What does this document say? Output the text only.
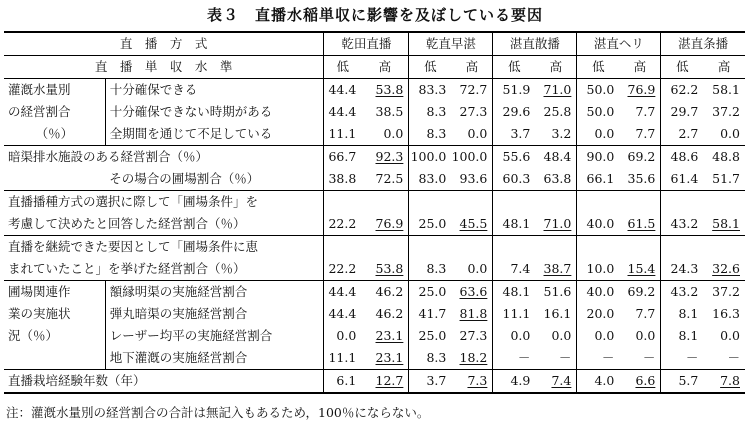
表３　直播水稲単収に影響を及ぼしている要因
直　播　方　式		乾田直播		乾直早湛		湛直散播		湛直ヘリ		湛直条播	
直　播　単　収　水　準		低	高	低	高	低	高	低	高	低	高
灌漑水量別	十分確保できる	44.4	53.8	83.3	72.7	51.9	71.0	50.0	76.9	62.2	58.1
の経営割合	十分確保できない時期がある	44.4	38.5	8.3	27.3	29.6	25.8	50.0	7.7	29.7	37.2
（％）	全期間を通じて不足している	11.1	0.0	8.3	0.0	3.7	3.2	0.0	7.7	2.7	0.0
暗渠排水施設のある経営割合（％）		66.7	92.3	100.0	100.0	55.6	48.4	90.0	69.2	48.6	48.8
	その場合の圃場割合（％）	38.8	72.5	83.0	93.6	60.3	63.8	66.1	35.6	61.4	51.7
直播播種方式の選択に際して「圃場条件」を											
考慮して決めたと回答した経営割合（％）		22.2	76.9	25.0	45.5	48.1	71.0	40.0	61.5	43.2	58.1
直播を継続できた要因として「圃場条件に恵											
まれていたこと」を挙げた経営割合（％）		22.2	53.8	8.3	0.0	7.4	38.7	10.0	15.4	24.3	32.6
圃場関連作	額縁明渠の実施経営割合	44.4	46.2	25.0	63.6	48.1	51.6	40.0	69.2	43.2	37.2
業の実施状	弾丸暗渠の実施経営割合	44.4	46.2	41.7	81.8	11.1	16.1	20.0	7.7	8.1	16.3
況（％）	レーザー均平の実施経営割合	0.0	23.1	25.0	27.3	0.0	0.0	0.0	0.0	8.1	0.0
	地下灌漑の実施経営割合	11.1	23.1	8.3	18.2	－	－	－	－	－	－
直播栽培経験年数（年）		6.1	12.7	3.7	7.3	4.9	7.4	4.0	6.6	5.7	7.8
注：灌漑水量別の経営割合の合計は無記入もあるため，100％にならない。
